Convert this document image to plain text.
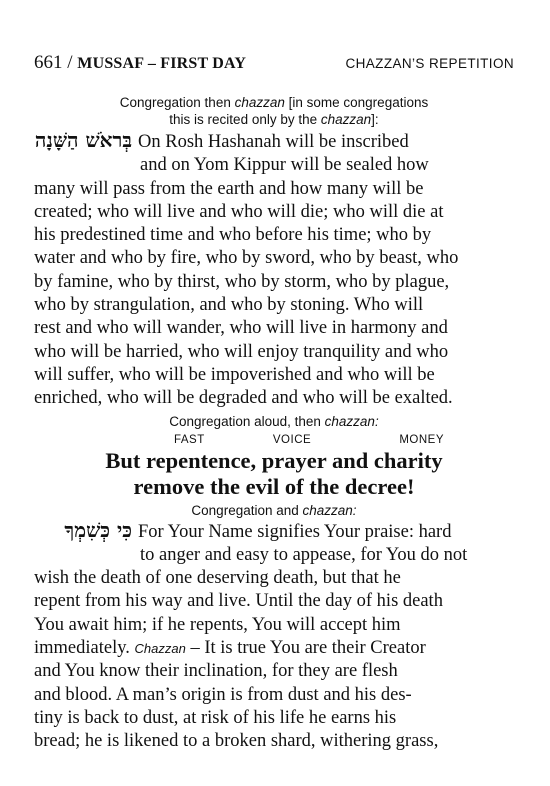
661 / MUSSAF – FIRST DAY	CHAZZAN’S REPETITION
Congregation then chazzan [in some congregations
this is recited only by the chazzan]:
בְּראֹשׁ הַשָּׁנָה On Rosh Hashanah will be inscribed
and on Yom Kippur will be sealed how
many will pass from the earth and how many will be
created; who will live and who will die; who will die at
his predestined time and who before his time; who by
water and who by fire, who by sword, who by beast, who
by famine, who by thirst, who by storm, who by plague,
who by strangulation, and who by stoning. Who will
rest and who will wander, who will live in harmony and
who will be harried, who will enjoy tranquility and who
will suffer, who will be impoverished and who will be
enriched, who will be degraded and who will be exalted.
Congregation aloud, then chazzan:
FAST	VOICE	MONEY
But repentence, prayer and charity
remove the evil of the decree!
Congregation and chazzan:
כִּי כְּשִׁמְךָ For Your Name signifies Your praise: hard
to anger and easy to appease, for You do not
wish the death of one deserving death, but that he
repent from his way and live. Until the day of his death
You await him; if he repents, You will accept him
immediately. Chazzan – It is true You are their Creator
and You know their inclination, for they are flesh
and blood. A man’s origin is from dust and his des-
tiny is back to dust, at risk of his life he earns his
bread; he is likened to a broken shard, withering grass,
